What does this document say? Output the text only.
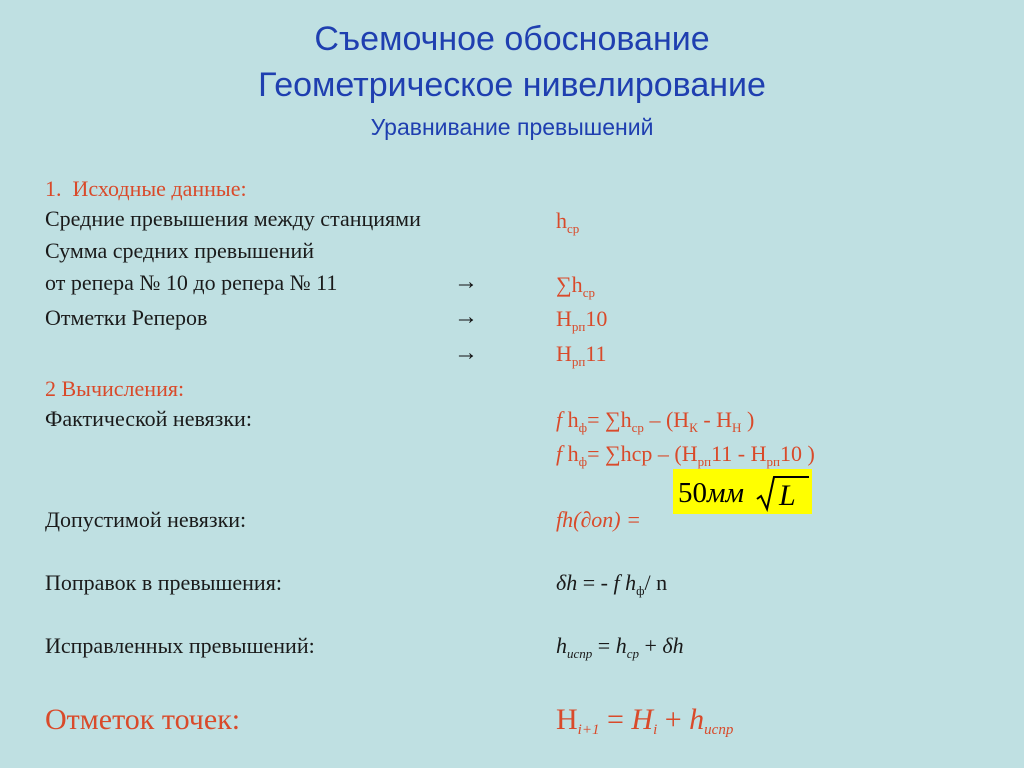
Съемочное обоснование
Геометрическое нивелирование
Уравнивание превышений
1. Исходные данные:
Средние превышения между станциями	$h_{ср}$
Сумма средних превышений
от репера № 10 до репера № 11	→	$\sum h_{ср}$
Отметки Реперов	→	$H_{рп}10$
→	$H_{рп}11$
2 Вычисления:
Фактической невязки:	f $h_ф= \sum h_{ср} - (H_К - H_Н$ )
f $h_ф= \sum hср - (H_{рп}11 - H_{рп}10$ )
50мм L
Допустимой невязки:	fh(∂оп) =
Поправок в превышения:	δh = - f $h_ф/$ n
Исправленных превышений:	$h_{испр} = h_{ср} + \delta h$
Отметок точек:	$H_{i+1} = H_i + h_{испр}$
